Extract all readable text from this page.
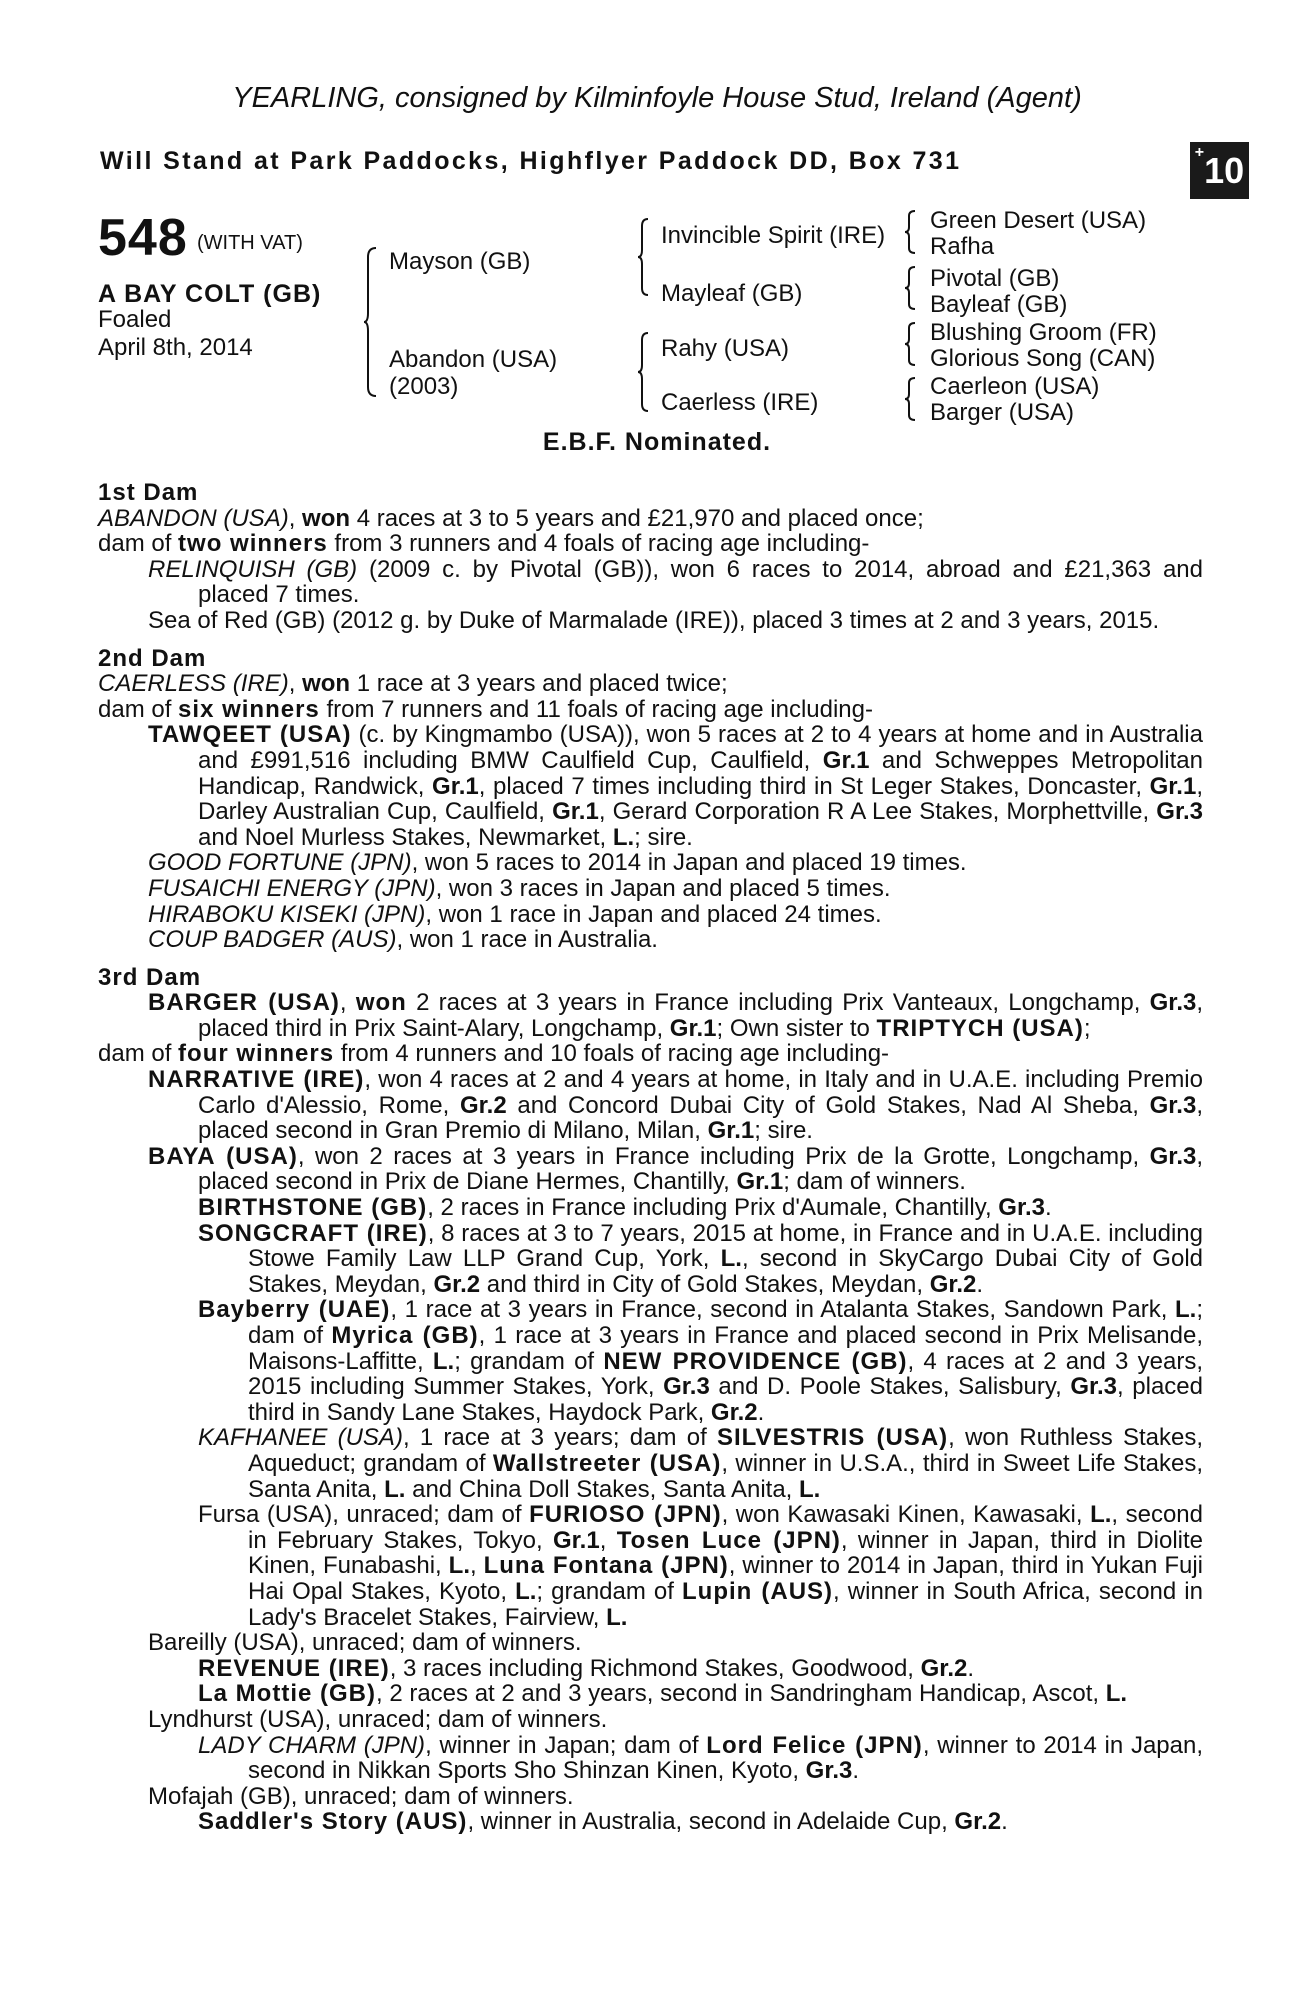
YEARLING, consigned by Kilminfoyle House Stud, Ireland (Agent)
Will Stand at Park Paddocks, Highflyer Paddock DD, Box 731	+10
548 (WITH VAT)
A BAY COLT (GB)
Foaled
April 8th, 2014
Mayson (GB)
Abandon (USA)
(2003)
Invincible Spirit (IRE)
Mayleaf (GB)
Rahy (USA)
Caerless (IRE)
Green Desert (USA)
Rafha
Pivotal (GB)
Bayleaf (GB)
Blushing Groom (FR)
Glorious Song (CAN)
Caerleon (USA)
Barger (USA)
E.B.F. Nominated.
1st Dam
ABANDON (USA), won 4 races at 3 to 5 years and £21,970 and placed once;
dam of two winners from 3 runners and 4 foals of racing age including-
RELINQUISH (GB) (2009 c. by Pivotal (GB)), won 6 races to 2014, abroad and £21,363 and placed 7 times.
Sea of Red (GB) (2012 g. by Duke of Marmalade (IRE)), placed 3 times at 2 and 3 years, 2015.
2nd Dam
CAERLESS (IRE), won 1 race at 3 years and placed twice;
dam of six winners from 7 runners and 11 foals of racing age including-
TAWQEET (USA) (c. by Kingmambo (USA)), won 5 races at 2 to 4 years at home and in Australia and £991,516 including BMW Caulfield Cup, Caulfield, Gr.1 and Schweppes Metropolitan Handicap, Randwick, Gr.1, placed 7 times including third in St Leger Stakes, Doncaster, Gr.1, Darley Australian Cup, Caulfield, Gr.1, Gerard Corporation R A Lee Stakes, Morphettville, Gr.3 and Noel Murless Stakes, Newmarket, L.; sire.
GOOD FORTUNE (JPN), won 5 races to 2014 in Japan and placed 19 times.
FUSAICHI ENERGY (JPN), won 3 races in Japan and placed 5 times.
HIRABOKU KISEKI (JPN), won 1 race in Japan and placed 24 times.
COUP BADGER (AUS), won 1 race in Australia.
3rd Dam
BARGER (USA), won 2 races at 3 years in France including Prix Vanteaux, Longchamp, Gr.3, placed third in Prix Saint-Alary, Longchamp, Gr.1; Own sister to TRIPTYCH (USA);
dam of four winners from 4 runners and 10 foals of racing age including-
NARRATIVE (IRE), won 4 races at 2 and 4 years at home, in Italy and in U.A.E. including Premio Carlo d'Alessio, Rome, Gr.2 and Concord Dubai City of Gold Stakes, Nad Al Sheba, Gr.3, placed second in Gran Premio di Milano, Milan, Gr.1; sire.
BAYA (USA), won 2 races at 3 years in France including Prix de la Grotte, Longchamp, Gr.3, placed second in Prix de Diane Hermes, Chantilly, Gr.1; dam of winners.
BIRTHSTONE (GB), 2 races in France including Prix d'Aumale, Chantilly, Gr.3.
SONGCRAFT (IRE), 8 races at 3 to 7 years, 2015 at home, in France and in U.A.E. including Stowe Family Law LLP Grand Cup, York, L., second in SkyCargo Dubai City of Gold Stakes, Meydan, Gr.2 and third in City of Gold Stakes, Meydan, Gr.2.
Bayberry (UAE), 1 race at 3 years in France, second in Atalanta Stakes, Sandown Park, L.; dam of Myrica (GB), 1 race at 3 years in France and placed second in Prix Melisande, Maisons-Laffitte, L.; grandam of NEW PROVIDENCE (GB), 4 races at 2 and 3 years, 2015 including Summer Stakes, York, Gr.3 and D. Poole Stakes, Salisbury, Gr.3, placed third in Sandy Lane Stakes, Haydock Park, Gr.2.
KAFHANEE (USA), 1 race at 3 years; dam of SILVESTRIS (USA), won Ruthless Stakes, Aqueduct; grandam of Wallstreeter (USA), winner in U.S.A., third in Sweet Life Stakes, Santa Anita, L. and China Doll Stakes, Santa Anita, L.
Fursa (USA), unraced; dam of FURIOSO (JPN), won Kawasaki Kinen, Kawasaki, L., second in February Stakes, Tokyo, Gr.1, Tosen Luce (JPN), winner in Japan, third in Diolite Kinen, Funabashi, L., Luna Fontana (JPN), winner to 2014 in Japan, third in Yukan Fuji Hai Opal Stakes, Kyoto, L.; grandam of Lupin (AUS), winner in South Africa, second in Lady's Bracelet Stakes, Fairview, L.
Bareilly (USA), unraced; dam of winners.
REVENUE (IRE), 3 races including Richmond Stakes, Goodwood, Gr.2.
La Mottie (GB), 2 races at 2 and 3 years, second in Sandringham Handicap, Ascot, L.
Lyndhurst (USA), unraced; dam of winners.
LADY CHARM (JPN), winner in Japan; dam of Lord Felice (JPN), winner to 2014 in Japan, second in Nikkan Sports Sho Shinzan Kinen, Kyoto, Gr.3.
Mofajah (GB), unraced; dam of winners.
Saddler's Story (AUS), winner in Australia, second in Adelaide Cup, Gr.2.
